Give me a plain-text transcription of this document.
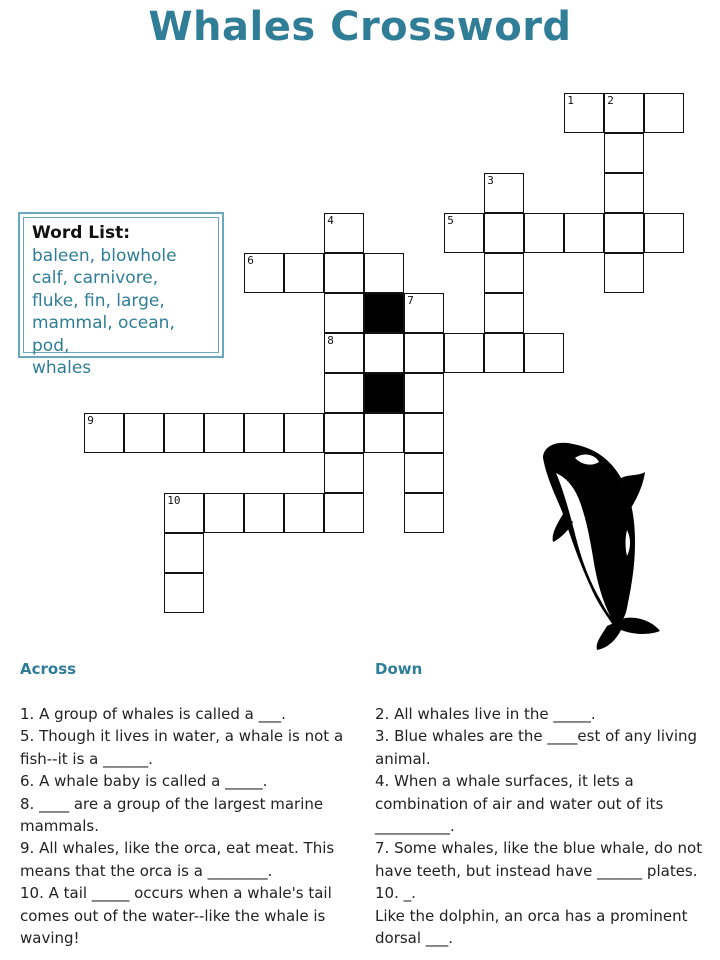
Whales Crossword
Word List:
baleen, blowhole
calf, carnivore,
fluke, fin, large,
mammal, ocean, pod,
whales
1	2
3
4	5
6
7
8
9
10
Across
1. A group of whales is called a ___.
5. Though it lives in water, a whale is not a fish--it is a ______.
6. A whale baby is called a _____.
8. ____ are a group of the largest marine mammals.
9. All whales, like the orca, eat meat. This means that the orca is a ________.
10. A tail _____ occurs when a whale's tail comes out of the water--like the whale is waving!
Down
2. All whales live in the _____.
3. Blue whales are the ____est of any living animal.
4. When a whale surfaces, it lets a combination of air and water out of its __________.
7. Some whales, like the blue whale, do not have teeth, but instead have ______ plates.
10. _.
Like the dolphin, an orca has a prominent dorsal ___.
